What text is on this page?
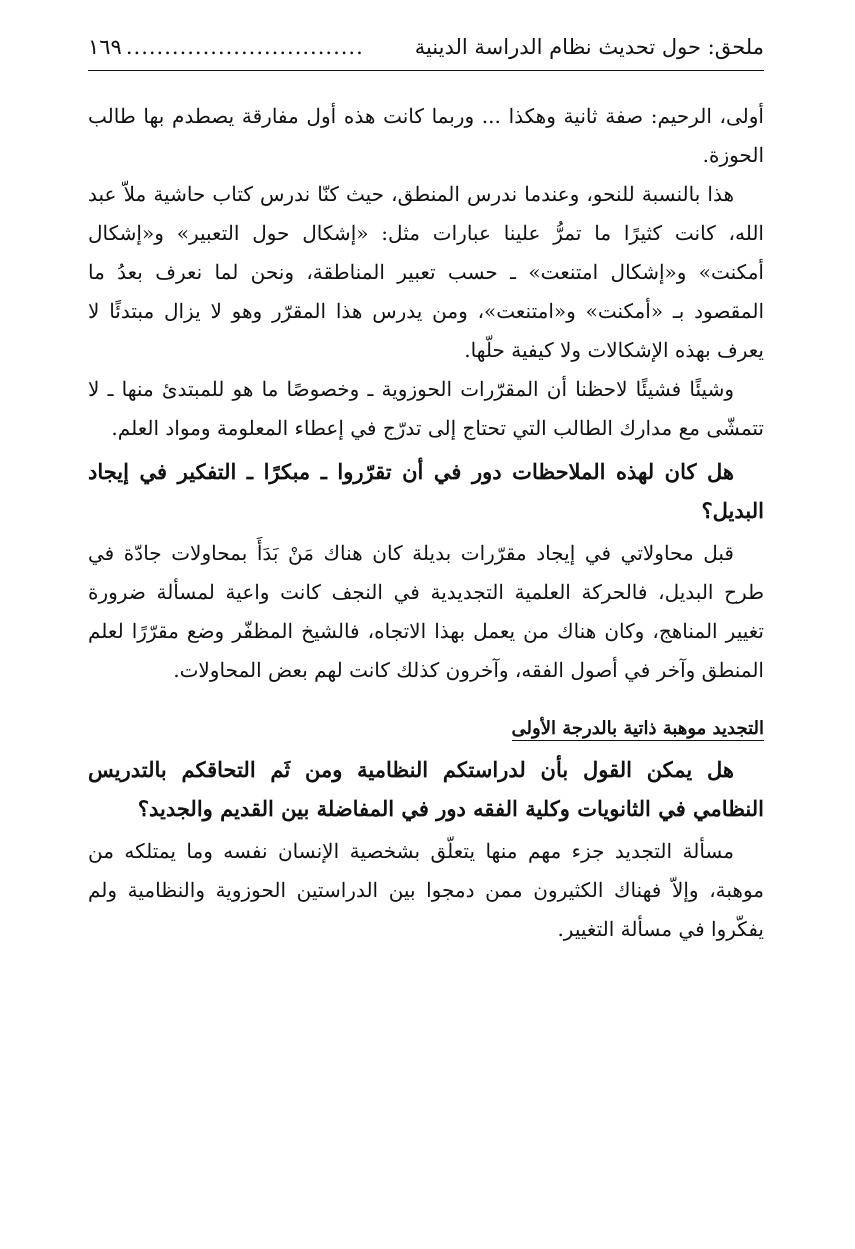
ملحق: حول تحديث نظام الدراسة الدينية
...............................
١٦٩

أولى، الرحيم: صفة ثانية وهكذا ... وربما كانت هذه أول مفارقة يصطدم بها طالب الحوزة.

هذا بالنسبة للنحو، وعندما ندرس المنطق، حيث كنّا ندرس كتاب حاشية ملاّ عبد الله، كانت كثيرًا ما تمرُّ علينا عبارات مثل: «إشكال حول التعبير» و«إشكال أمكنت» و«إشكال امتنعت» ـ حسب تعبير المناطقة، ونحن لما نعرف بعدُ ما المقصود بـ «أمكنت» و«امتنعت»، ومن يدرس هذا المقرّر وهو لا يزال مبتدئًا لا يعرف بهذه الإشكالات ولا كيفية حلّها.

وشيئًا فشيئًا لاحظنا أن المقرّرات الحوزوية ـ وخصوصًا ما هو للمبتدئ منها ـ لا تتمشّى مع مدارك الطالب التي تحتاج إلى تدرّج في إعطاء المعلومة ومواد العلم.

هل كان لهذه الملاحظات دور في أن تقرّروا ـ مبكرًا ـ التفكير في إيجاد البديل؟

قبل محاولاتي في إيجاد مقرّرات بديلة كان هناك مَنْ بَدَأَ بمحاولات جادّة في طرح البديل، فالحركة العلمية التجديدية في النجف كانت واعية لمسألة ضرورة تغيير المناهج، وكان هناك من يعمل بهذا الاتجاه، فالشيخ المظفّر وضع مقرّرًا لعلم المنطق وآخر في أصول الفقه، وآخرون كذلك كانت لهم بعض المحاولات.

التجديد موهبة ذاتية بالدرجة الأولى

هل يمكن القول بأن لدراستكم النظامية ومن ثَم التحاقكم بالتدريس النظامي في الثانويات وكلية الفقه دور في المفاضلة بين القديم والجديد؟

مسألة التجديد جزء مهم منها يتعلّق بشخصية الإنسان نفسه وما يمتلكه من موهبة، وإلاّ فهناك الكثيرون ممن دمجوا بين الدراستين الحوزوية والنظامية ولم يفكّروا في مسألة التغيير.
